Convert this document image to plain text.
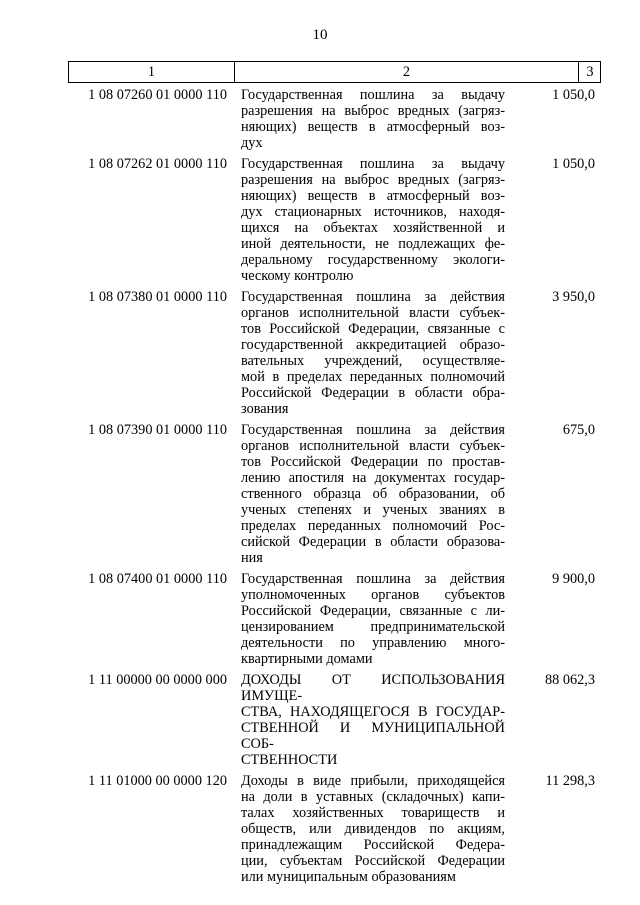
10
1	2	3
1 08 07260 01 0000 110 Государственная пошлина за выдачу
разрешения на выброс вредных (загряз-
няющих) веществ в атмосферный воз-
дух
1 050,0
1 08 07262 01 0000 110 Государственная пошлина за выдачу
разрешения на выброс вредных (загряз-
няющих) веществ в атмосферный воз-
дух стационарных источников, находя-
щихся на объектах хозяйственной и
иной деятельности, не подлежащих фе-
деральному государственному экологи-
ческому контролю
1 050,0
1 08 07380 01 0000 110 Государственная пошлина за действия
органов исполнительной власти субъек-
тов Российской Федерации, связанные с
государственной аккредитацией образо-
вательных учреждений, осуществляе-
мой в пределах переданных полномочий
Российской Федерации в области обра-
зования
3 950,0
1 08 07390 01 0000 110 Государственная пошлина за действия
органов исполнительной власти субъек-
тов Российской Федерации по простав-
лению апостиля на документах государ-
ственного образца об образовании, об
ученых степенях и ученых званиях в
пределах переданных полномочий Рос-
сийской Федерации в области образова-
ния
675,0
1 08 07400 01 0000 110 Государственная пошлина за действия
уполномоченных органов субъектов
Российской Федерации, связанные с ли-
цензированием предпринимательской
деятельности по управлению много-
квартирными домами
9 900,0
1 11 00000 00 0000 000 ДОХОДЫ ОТ ИСПОЛЬЗОВАНИЯ ИМУЩЕ-
СТВА, НАХОДЯЩЕГОСЯ В ГОСУДАР-
СТВЕННОЙ И МУНИЦИПАЛЬНОЙ СОБ-
СТВЕННОСТИ
88 062,3
1 11 01000 00 0000 120 Доходы в виде прибыли, приходящейся
на доли в уставных (складочных) капи-
талах хозяйственных товариществ и
обществ, или дивидендов по акциям,
принадлежащим Российской Федера-
ции, субъектам Российской Федерации
или муниципальным образованиям
11 298,3
